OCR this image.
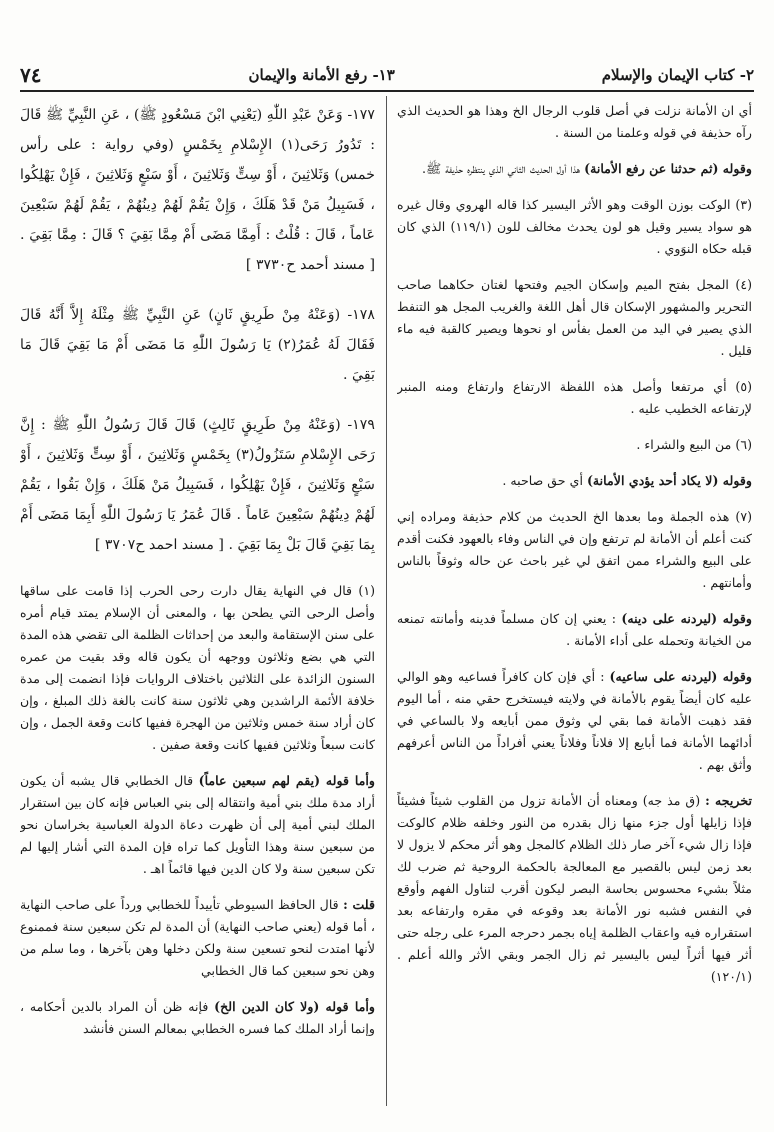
٢- كتاب الإيمان والإسلام
١٣- رفع الأمانة والإيمان
٧٤

أي ان الأمانة نزلت في أصل قلوب الرجال الخ وهذا هو الحديث الذي رآه حذيفة في قوله وعلمنا من السنة .

وقوله (ثم حدثنا عن رفع الأمانة) هذا أول الحديث الثاني الذي ينتظره حذيفة ﷺ.

(٣) الوكت بوزن الوقت وهو الأثر اليسير كذا قاله الهروي وقال غيره هو سواد يسير وقيل هو لون يحدث مخالف للون (١١٩/١) الذي كان قبله حكاه النوَوي .

(٤) المجل بفتح الميم وإسكان الجيم وفتحها لغتان حكاهما صاحب التحرير والمشهور الإسكان قال أهل اللغة والغريب المجل هو التنفط الذي يصير في اليد من العمل بفأس او نحوها ويصير كالقبة فيه ماء قليل .

(٥) أي مرتفعا وأصل هذه اللفظة الارتفاع وارتفاع ومنه المنبر لإرتفاعه الخطيب عليه .

(٦) من البيع والشراء .

وقوله (لا يكاد أحد يؤدي الأمانة) أي حق صاحبه .

(٧) هذه الجملة وما بعدها الخ الحديث من كلام حذيفة ومراده إني كنت أعلم أن الأمانة لم ترتفع وإن في الناس وفاء بالعهود فكنت أقدم على البيع والشراء ممن اتفق لي غير باحث عن حاله وثوقاً بالناس وأمانتهم .

وقوله (ليردنه على دينه) : يعني إن كان مسلماً فدينه وأمانته تمنعه من الخيانة وتحمله على أداء الأمانة .

وقوله (ليردنه على ساعيه) : أي فإن كان كافراً فساعيه وهو الوالي عليه كان أيضاً يقوم بالأمانة في ولايته فيستخرج حقي منه ، أما اليوم فقد ذهبت الأمانة فما بقي لي وثوق ممن أبايعه ولا بالساعي في أدائهما الأمانة فما أبايع إلا فلاناً وفلاناً يعني أفراداً من الناس أعرفهم وأثق بهم .

تخريجه : (ق مذ جه) ومعناه أن الأمانة تزول من القلوب شيئاً فشيئاً فإذا زايلها أول جزء منها زال بقدره من النور وخلفه ظلام كالوكت فإذا زال شيء آخر صار ذلك الظلام كالمجل وهو أثر محكم لا يزول لا بعد زمن ليس بالقصير مع المعالجة بالحكمة الروحية ثم ضرب لك مثلاً بشيء محسوس بحاسة البصر ليكون أقرب لتناول الفهم وأوقع في النفس فشبه نور الأمانة بعد وقوعه في مقره وارتفاعه بعد استقراره فيه واعقاب الظلمة إياه بجمر دحرجه المرء على رجله حتى أثر فيها أثراً ليس باليسير ثم زال الجمر وبقي الأثر والله أعلم . (١٢٠/١)

١٧٧- وَعَنْ عَبْدِ اللّٰهِ (يَعْنِي ابْنَ مَسْعُودٍ ﷺ) ، عَنِ النَّبِيِّ ﷺ قَالَ : تَدُورُ رَحَى(١) الإِسْلامِ بِخَمْسٍ (وفي رواية : على رأس خمس) وَثَلاثِينَ ، أَوْ سِتٍّ وَثَلاثِينَ ، أَوْ سَبْعٍ وَثَلاثِينَ ، فَإِنْ يَهْلِكُوا ، فَسَبِيلُ مَنْ قَدْ هَلَكَ ، وَإِنْ يَقُمْ لَهُمْ دِينُهُمْ ، يَقُمْ لَهُمْ سَبْعِينَ عَاماً ، قَالَ : قُلْتُ : أَمِمَّا مَضَى أَمْ مِمَّا بَقِيَ ؟ قَالَ : مِمَّا بَقِيَ . [ مسند أحمد ح٣٧٣٠ ]

١٧٨- (وَعَنْهُ مِنْ طَرِيقٍ ثَانٍ) عَنِ النَّبِيِّ ﷺ مِثْلَهُ إِلاَّ أَنَّهُ قَالَ فَقَالَ لَهُ عُمَرُ(٢) يَا رَسُولَ اللّٰهِ مَا مَضَى أَمْ مَا بَقِيَ قَالَ مَا بَقِيَ .

١٧٩- (وَعَنْهُ مِنْ طَرِيقٍ ثَالِثٍ) قَالَ قَالَ رَسُولُ اللّٰهِ ﷺ : إِنَّ رَحَى الإِسْلامِ سَتَزُولُ(٣) بِخَمْسٍ وَثَلاثِينَ ، أَوْ سِتٍّ وَثَلاثِينَ ، أَوْ سَبْعٍ وَثَلاثِينَ ، فَإِنْ يَهْلِكُوا ، فَسَبِيلُ مَنْ هَلَكَ ، وَإِنْ بَقُوا ، يَقُمْ لَهُمْ دِينُهُمْ سَبْعِينَ عَاماً . قَالَ عُمَرُ يَا رَسُولَ اللّٰهِ أَبِمَا مَضَى أَمْ بِمَا بَقِيَ قَالَ بَلْ بِمَا بَقِيَ . [ مسند احمد ح٣٧٠٧ ]

(١) قال في النهاية يقال دارت رحى الحرب إذا قامت على ساقها وأصل الرحى التي يطحن بها ، والمعنى أن الإسلام يمتد قيام أمره على سنن الإستقامة والبعد من إحداثات الظلمة الى تقضي هذه المدة التي هي بضع وثلاثون ووجهه أن يكون قاله وقد بقيت من عمره السنون الزائدة على الثلاثين باختلاف الروايات فإذا انضمت إلى مدة خلافة الأئمة الراشدين وهي ثلاثون سنة كانت بالغة ذلك المبلغ ، وإن كان أراد سنة خمس وثلاثين من الهجرة ففيها كانت وقعة الجمل ، وإن كانت سبعاً وثلاثين ففيها كانت وقعة صفين .

وأما قوله (يقم لهم سبعين عاماً) قال الخطابي قال يشبه أن يكون أراد مدة ملك بني أمية وانتقاله إلى بني العباس فإنه كان بين استقرار الملك لبني أمية إلى أن ظهرت دعاة الدولة العباسية بخراسان نحو من سبعين سنة وهذا التأويل كما تراه فإن المدة التي أشار إليها لم تكن سبعين سنة ولا كان الدين فيها قائماً اهـ .

قلت : قال الحافظ السيوطي تأييداً للخطابي ورداً على صاحب النهاية ، أما قوله (يعني صاحب النهاية) أن المدة لم تكن سبعين سنة فممنوع لأنها امتدت لنحو تسعين سنة ولكن دخلها وهن بآخرها ، وما سلم من وهن نحو سبعين كما قال الخطابي

وأما قوله (ولا كان الدين الخ) فإنه ظن أن المراد بالدين أحكامه ، وإنما أراد الملك كما فسره الخطابي بمعالم السنن فأنشد
